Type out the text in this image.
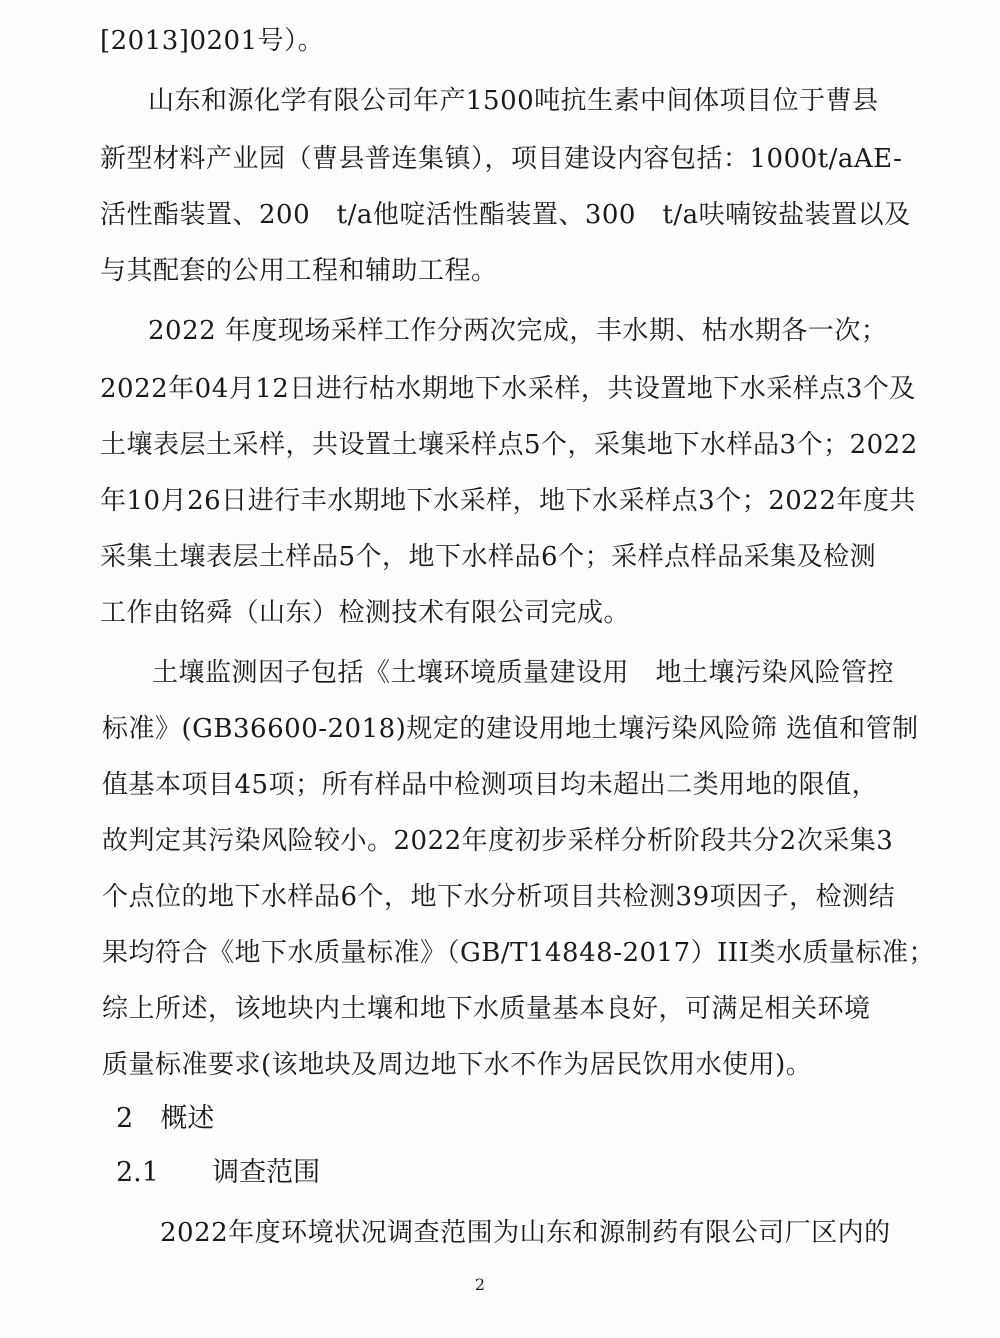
[2013]0201号）。
山东和源化学有限公司年产1500吨抗生素中间体项目位于曹县
新型材料产业园（曹县普连集镇），项目建设内容包括：1000t/aAE-
活性酯装置、200　t/a他啶活性酯装置、300　t/a呋喃铵盐装置以及
与其配套的公用工程和辅助工程。
2022 年度现场采样工作分两次完成，丰水期、枯水期各一次；
2022年04月12日进行枯水期地下水采样，共设置地下水采样点3个及
土壤表层土采样，共设置土壤采样点5个，采集地下水样品3个；2022
年10月26日进行丰水期地下水采样，地下水采样点3个；2022年度共
采集土壤表层土样品5个，地下水样品6个；采样点样品采集及检测
工作由铭舜（山东）检测技术有限公司完成。
土壤监测因子包括《土壤环境质量建设用　地土壤污染风险管控
标准》(GB36600-2018)规定的建设用地土壤污染风险筛 选值和管制
值基本项目45项；所有样品中检测项目均未超出二类用地的限值，
故判定其污染风险较小。2022年度初步采样分析阶段共分2次采集3
个点位的地下水样品6个，地下水分析项目共检测39项因子，检测结
果均符合《地下水质量标准》（GB/T14848-2017）III类水质量标准；
综上所述，该地块内土壤和地下水质量基本良好，可满足相关环境
质量标准要求(该地块及周边地下水不作为居民饮用水使用)。
2 概述
2.1 调查范围
2022年度环境状况调查范围为山东和源制药有限公司厂区内的
2
